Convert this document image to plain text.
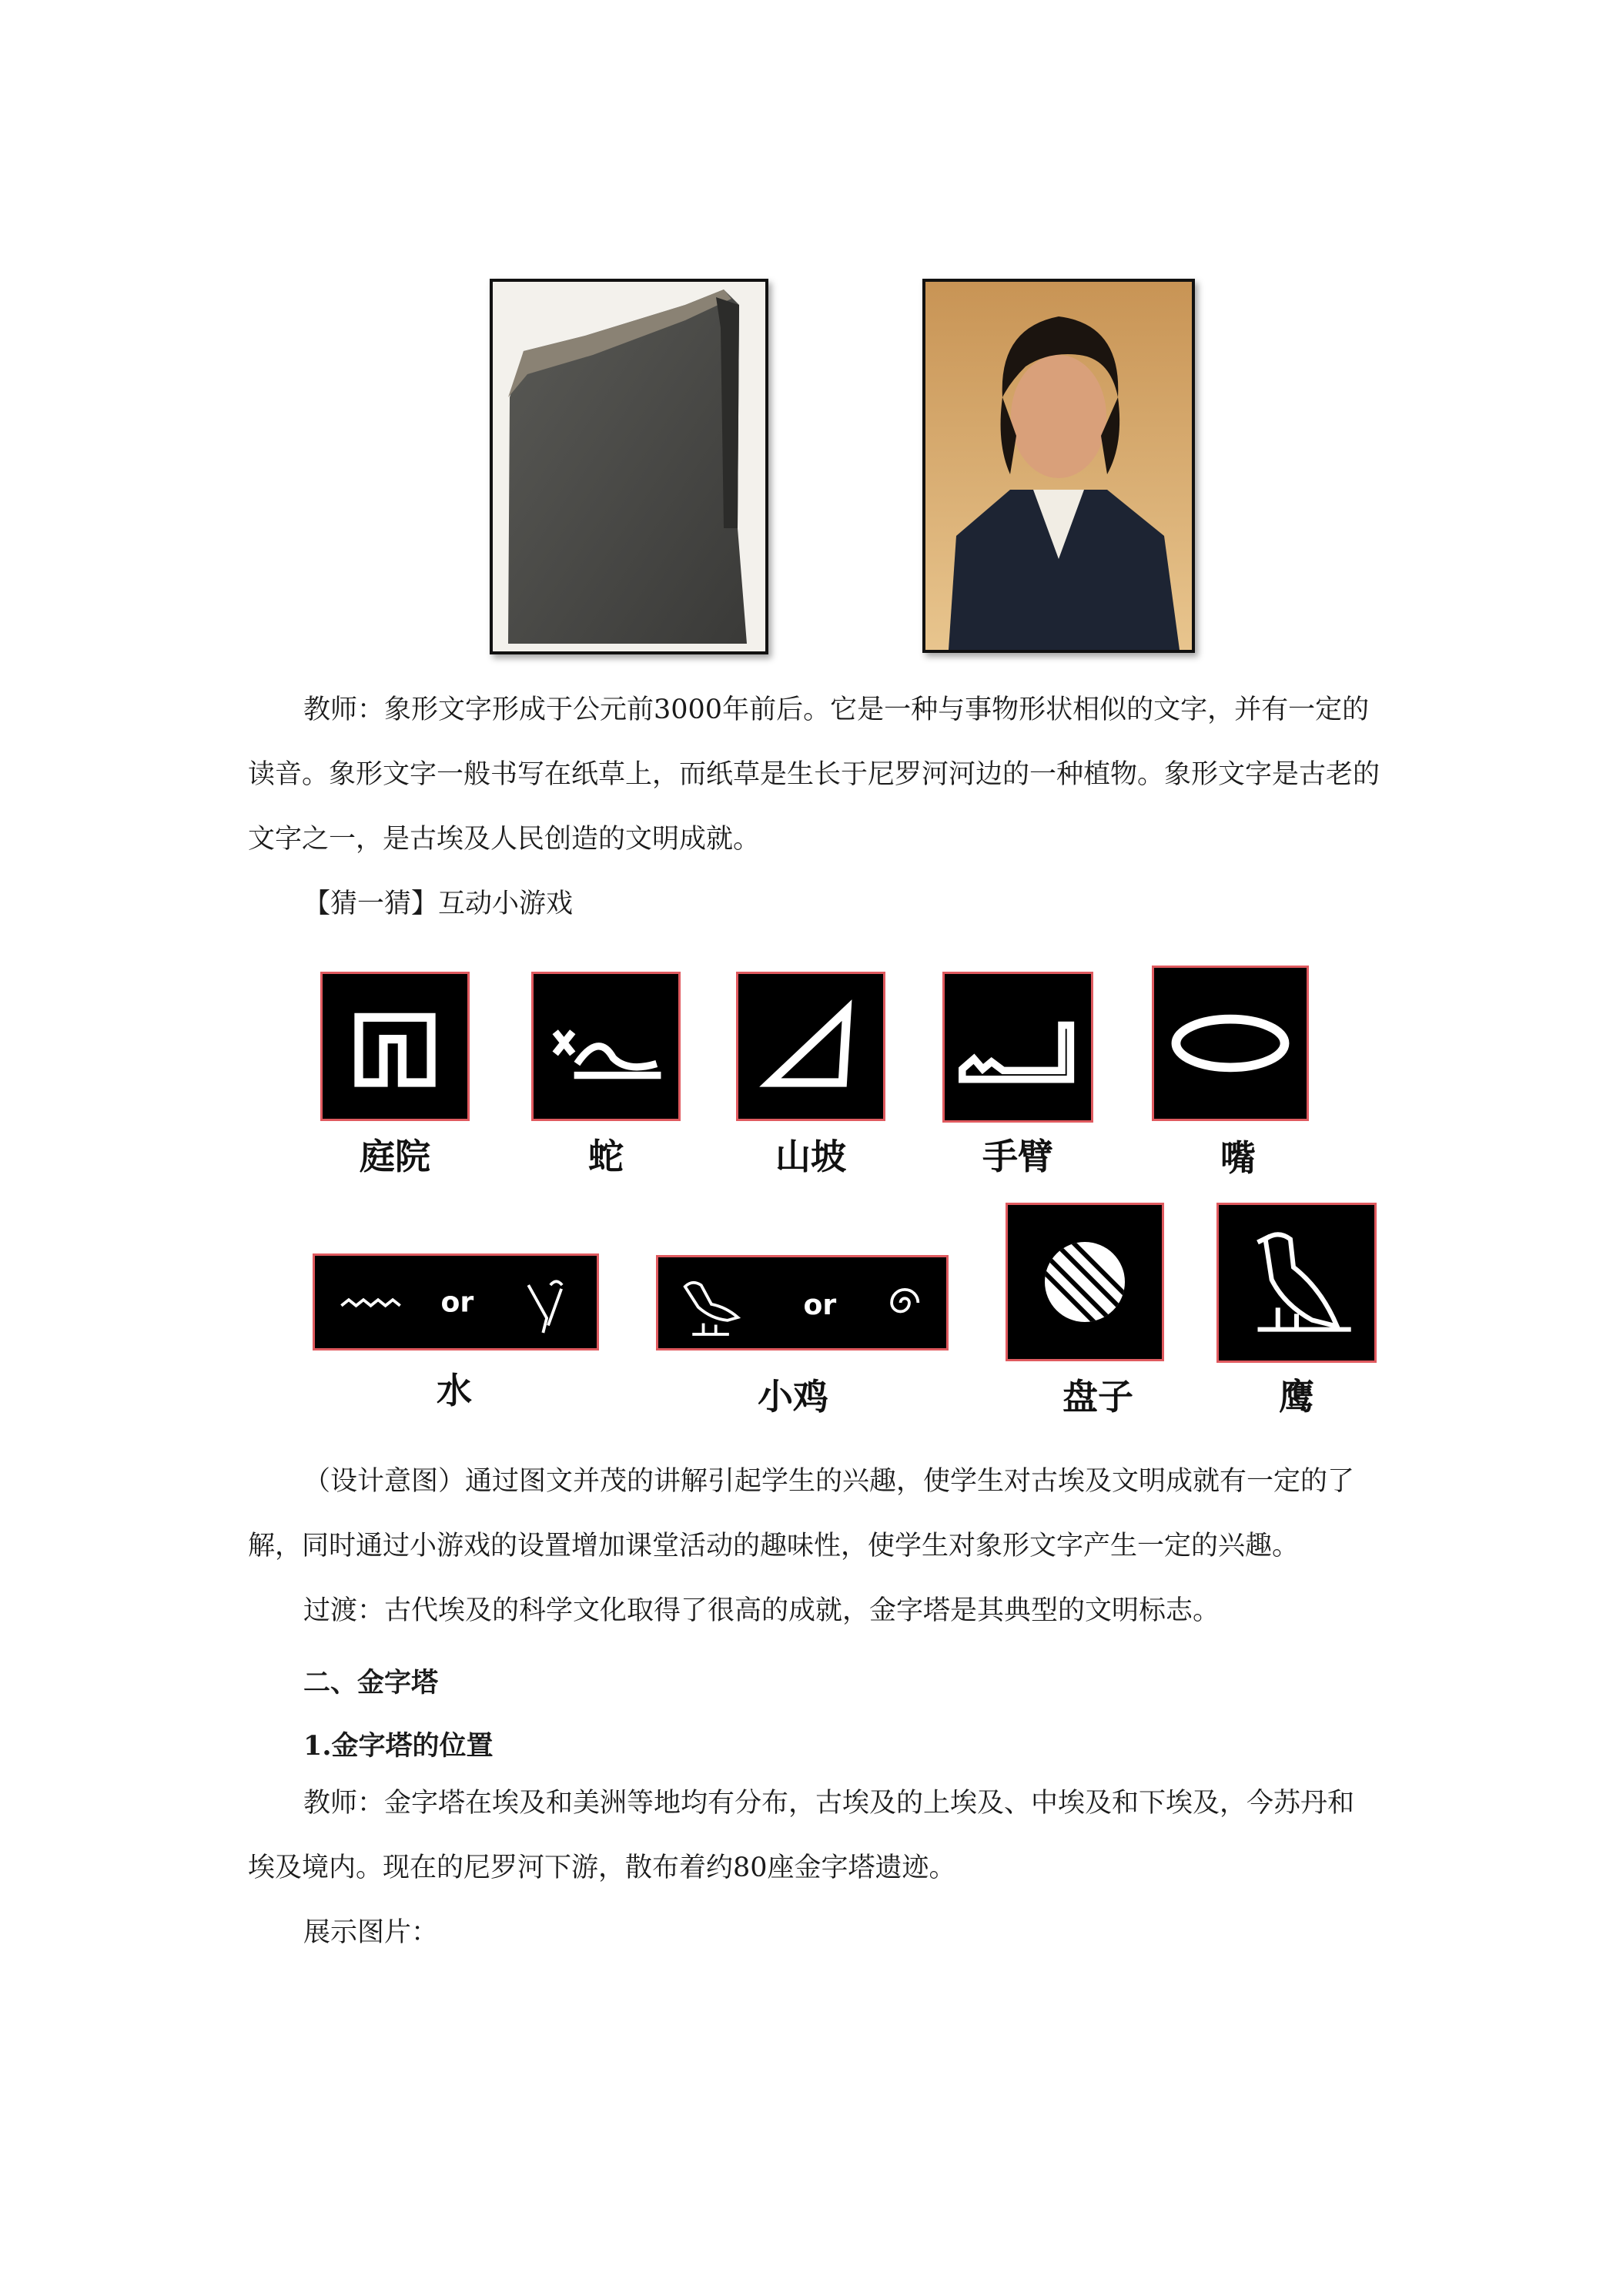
教师：象形文字形成于公元前3000年前后。它是一种与事物形状相似的文字，并有一定的读音。象形文字一般书写在纸草上，而纸草是生长于尼罗河河边的一种植物。象形文字是古老的文字之一，是古埃及人民创造的文明成就。

【猜一猜】互动小游戏

庭院	蛇	山坡	手臂	嘴
or	or
水	小鸡	盘子	鹰

（设计意图）通过图文并茂的讲解引起学生的兴趣，使学生对古埃及文明成就有一定的了解，同时通过小游戏的设置增加课堂活动的趣味性，使学生对象形文字产生一定的兴趣。

过渡：古代埃及的科学文化取得了很高的成就，金字塔是其典型的文明标志。

二、金字塔

1.金字塔的位置

教师：金字塔在埃及和美洲等地均有分布，古埃及的上埃及、中埃及和下埃及，今苏丹和埃及境内。现在的尼罗河下游，散布着约80座金字塔遗迹。

展示图片：
